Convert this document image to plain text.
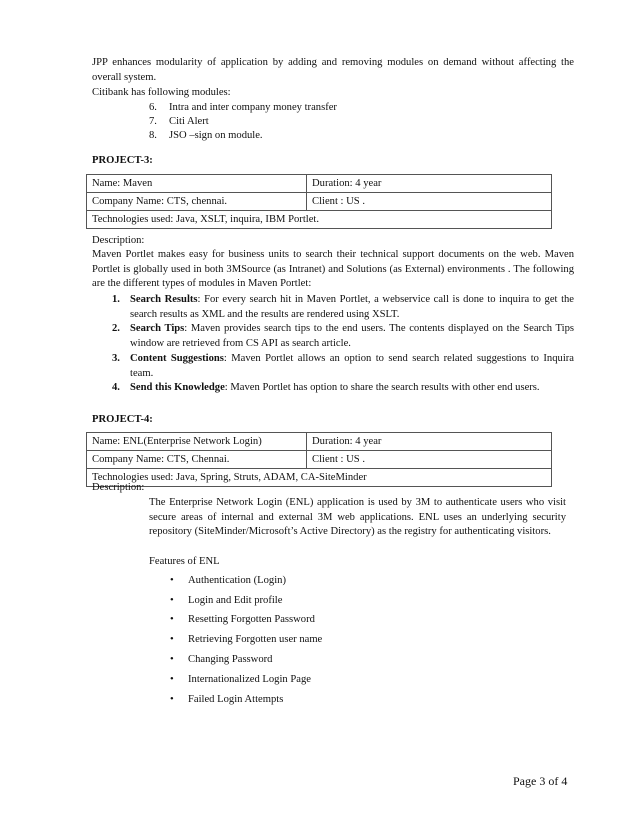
JPP enhances modularity of application by adding and removing modules on demand without affecting the overall system.
Citibank has following modules:
6. Intra and inter company money transfer
7. Citi Alert
8. JSO –sign on module.
PROJECT-3:
Name: Maven	Duration: 4 year
Company Name: CTS, chennai.	Client : US .
Technologies used: Java, XSLT, inquira, IBM Portlet.	
Description:
Maven Portlet makes easy for business units to search their technical support documents on the web. Maven Portlet is globally used in both 3MSource (as Intranet) and Solutions (as External) environments . The following are the different types of modules in Maven Portlet:
1. Search Results: For every search hit in Maven Portlet, a webservice call is done to inquira to get the search results as XML and the results are rendered using XSLT.
2. Search Tips: Maven provides search tips to the end users. The contents displayed on the Search Tips window are retrieved from CS API as search article.
3. Content Suggestions: Maven Portlet allows an option to send search related suggestions to Inquira team.
4. Send this Knowledge: Maven Portlet has option to share the search results with other end users.
PROJECT-4:
Name: ENL(Enterprise Network Login)	Duration: 4 year
Company Name: CTS, Chennai.	Client : US .
Technologies used: Java, Spring, Struts, ADAM, CA-SiteMinder	
Description:
The Enterprise Network Login (ENL) application is used by 3M to authenticate users who visit secure areas of internal and external 3M web applications. ENL uses an underlying security repository (SiteMinder/Microsoft’s Active Directory) as the registry for authenticating visitors.
Features of ENL
• Authentication (Login)
• Login and Edit profile
• Resetting Forgotten Password
• Retrieving Forgotten user name
• Changing Password
• Internationalized Login Page
• Failed Login Attempts
Page 3 of 4
